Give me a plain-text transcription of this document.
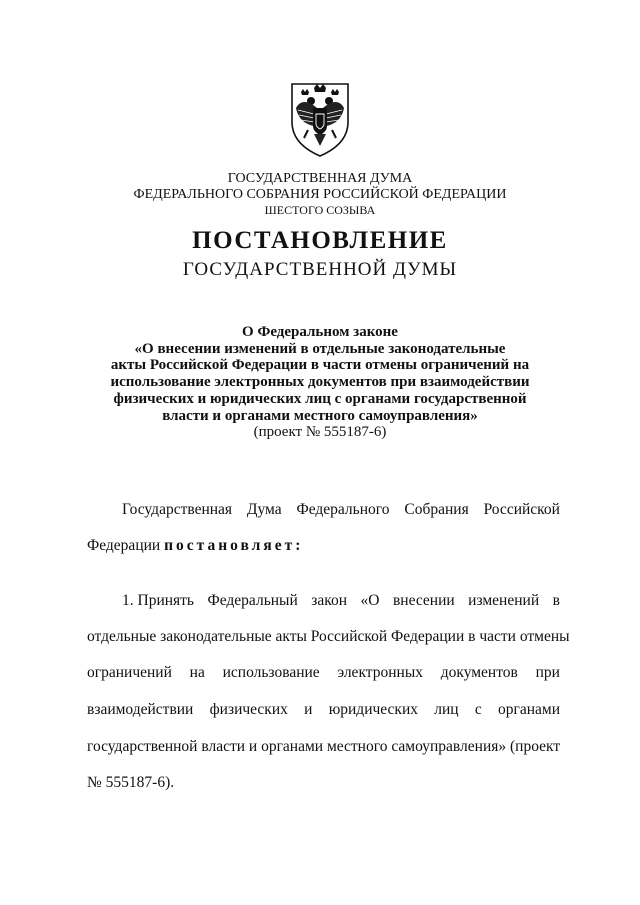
ГОСУДАРСТВЕННАЯ ДУМА
ФЕДЕРАЛЬНОГО СОБРАНИЯ РОССИЙСКОЙ ФЕДЕРАЦИИ
ШЕСТОГО СОЗЫВА
ПОСТАНОВЛЕНИЕ
ГОСУДАРСТВЕННОЙ ДУМЫ
О Федеральном законе
«О внесении изменений в отдельные законодательные
акты Российской Федерации в части отмены ограничений на
использование электронных документов при взаимодействии
физических и юридических лиц с органами государственной
власти и органами местного самоуправления»
(проект № 555187-6)
Государственная Дума Федерального Собрания Российской
Федерации постановляет:
1. Принять Федеральный закон «О внесении изменений в
отдельные законодательные акты Российской Федерации в части отмены
ограничений на использование электронных документов при
взаимодействии физических и юридических лиц с органами
государственной власти и органами местного самоуправления» (проект
№ 555187-6).
